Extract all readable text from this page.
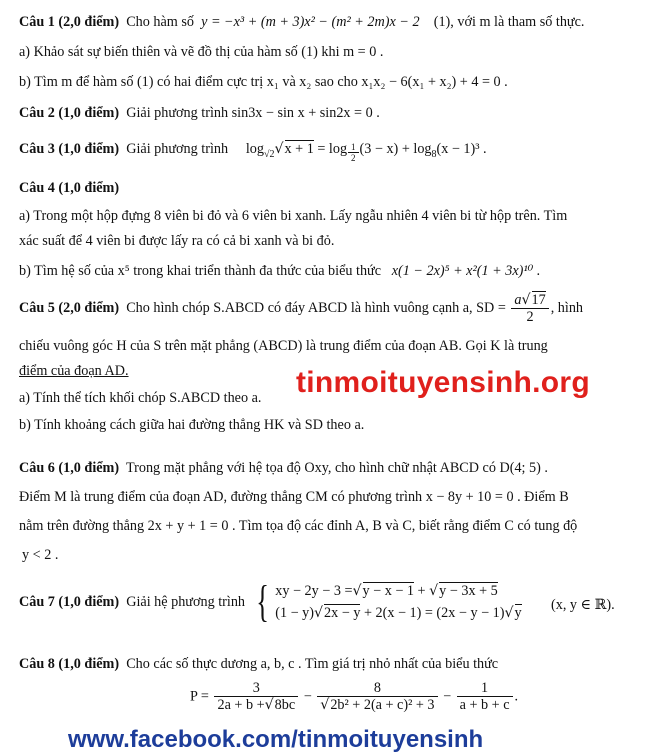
Câu 1 (2,0 điểm) Cho hàm số y = −x³ + (m + 3)x² − (m² + 2m)x − 2 (1), với m là tham số thực.
a) Khảo sát sự biến thiên và vẽ đồ thị của hàm số (1) khi m = 0 .
b) Tìm m để hàm số (1) có hai điểm cực trị x₁ và x₂ sao cho x₁x₂ − 6(x₁ + x₂) + 4 = 0 .
Câu 2 (1,0 điểm) Giải phương trình sin3x − sin x + sin2x = 0 .
Câu 3 (1,0 điểm) Giải phương trình $\log_{√2}√x + 1 = \log \frac{1}{2} (3 - x) + \log_8(x - 1)^3$ .
Câu 4 (1,0 điểm)
a) Trong một hộp đựng 8 viên bi đỏ và 6 viên bi xanh. Lấy ngẫu nhiên 4 viên bi từ hộp trên. Tìm
xác suất để 4 viên bi được lấy ra có cả bi xanh và bi đỏ.
b) Tìm hệ số của x⁵ trong khai triển thành đa thức của biểu thức x(1 − 2x)⁵ + x²(1 + 3x)¹⁰ .
Câu 5 (2,0 điểm) Cho hình chóp S.ABCD có đáy ABCD là hình vuông cạnh a, SD = $\frac{a√17}{2}$ , hình
chiếu vuông góc H của S trên mặt phẳng (ABCD) là trung điểm của đoạn AB. Gọi K là trung
điểm của đoạn AD.
a) Tính thể tích khối chóp S.ABCD theo a.
b) Tính khoảng cách giữa hai đường thẳng HK và SD theo a.
Câu 6 (1,0 điểm) Trong mặt phẳng với hệ tọa độ Oxy, cho hình chữ nhật ABCD có D(4; 5) .
Điểm M là trung điểm của đoạn AD, đường thẳng CM có phương trình x − 8y + 10 = 0 . Điểm B
nằm trên đường thẳng 2x + y + 1 = 0 . Tìm tọa độ các đỉnh A, B và C, biết rằng điểm C có tung độ
y < 2 .
Câu 7 (1,0 điểm) Giải hệ phương trình { xy − 2y − 3 =√y − x − 1 + √y − 3x + 5
(1 − y)√2x − y + 2(x − 1) = (2x − y − 1)√y (x, y ∈ ℝ).
Câu 8 (1,0 điểm) Cho các số thực dương a, b, c . Tìm giá trị nhỏ nhất của biểu thức
$P = \frac{3}{2a + b +√8bc} - \frac{8}{\text{√2b² + 2(a + c)² + 3}} - \frac{1}{a + b + c}$ .
tinmoituyensinh.org
www.facebook.com/tinmoituyensinh
